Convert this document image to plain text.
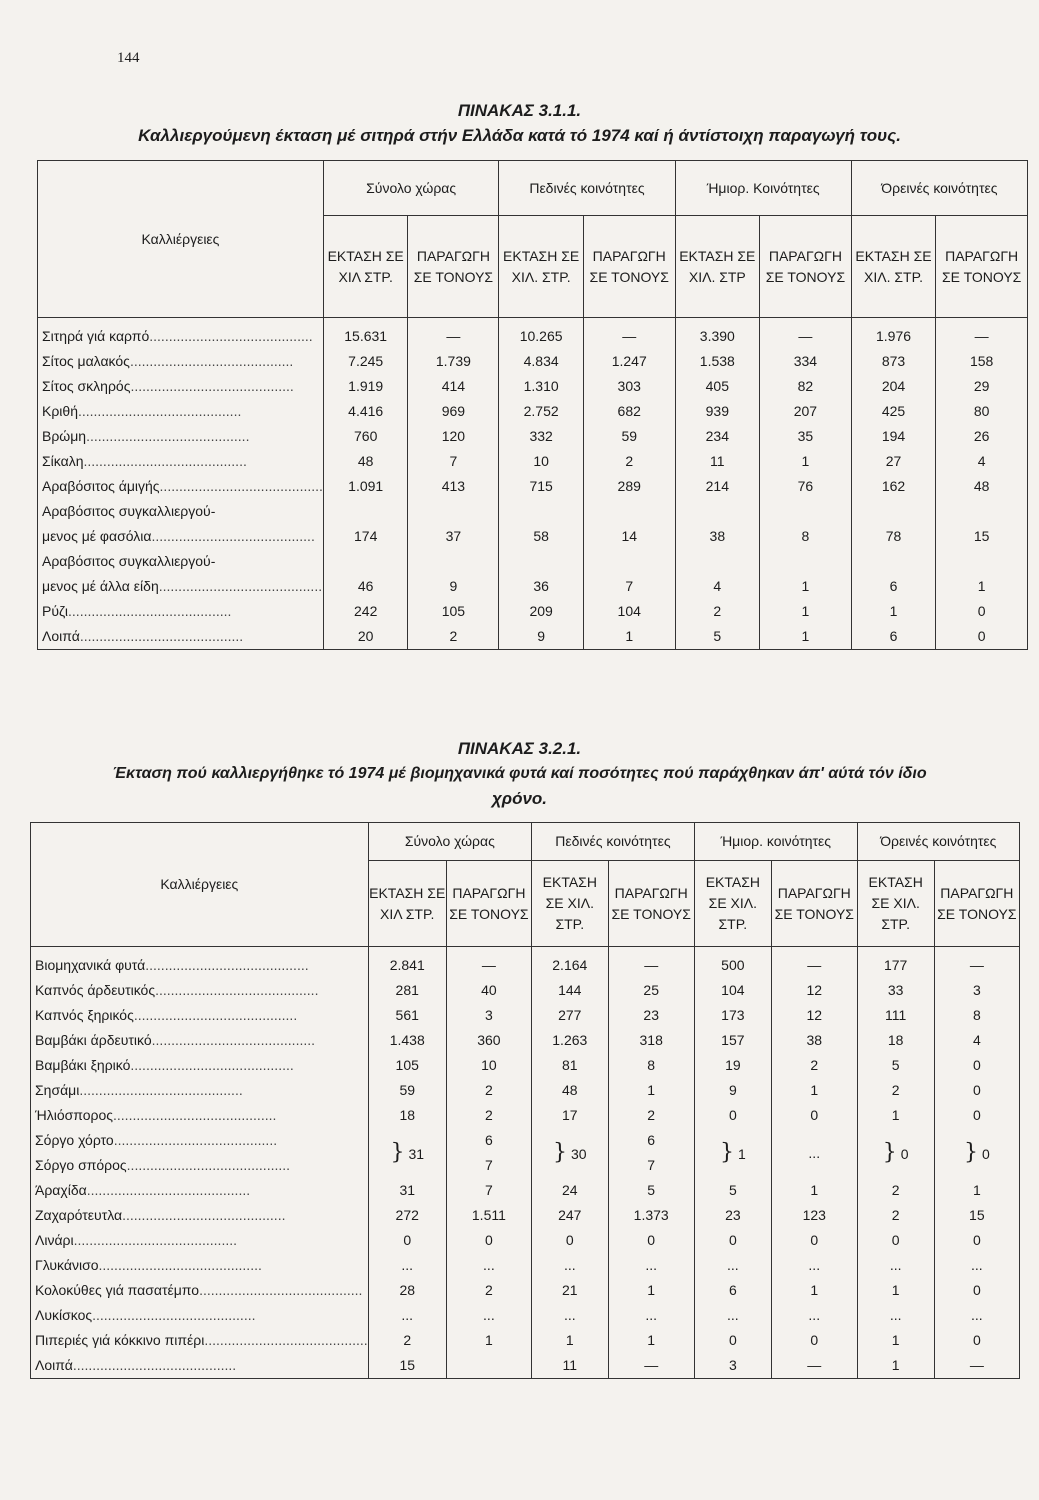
144
ΠΙΝΑΚΑΣ 3.1.1.
Καλλιεργούμενη έκταση μέ σιτηρά στήν Ελλάδα κατά τό 1974 καί ή άντίστοιχη παραγωγή τους.
Καλλιέργειες	Σύνολο χώρας		Πεδινές κοινότητες		Ήμιορ. Κοινότητες		Όρεινές κοινότητες	
	ΕΚΤΑΣΗ ΣΕ ΧΙΛ ΣΤΡ.	ΠΑΡΑΓΩΓΗ ΣΕ ΤΟΝΟΥΣ	ΕΚΤΑΣΗ ΣΕ ΧΙΛ. ΣΤΡ.	ΠΑΡΑΓΩΓΗ ΣΕ ΤΟΝΟΥΣ	ΕΚΤΑΣΗ ΣΕ ΧΙΛ. ΣΤΡ	ΠΑΡΑΓΩΓΗ ΣΕ ΤΟΝΟΥΣ	ΕΚΤΑΣΗ ΣΕ ΧΙΛ. ΣΤΡ.	ΠΑΡΑΓΩΓΗ ΣΕ ΤΟΝΟΥΣ
Σιτηρά γιά καρπό..........................................	15.631	—	10.265	—	3.390	—	1.976	—
Σίτος μαλακός..........................................	7.245	1.739	4.834	1.247	1.538	334	873	158
Σίτος σκληρός..........................................	1.919	414	1.310	303	405	82	204	29
Κριθή..........................................	4.416	969	2.752	682	939	207	425	80
Βρώμη..........................................	760	120	332	59	234	35	194	26
Σίκαλη..........................................	48	7	10	2	11	1	27	4
Αραβόσιτος άμιγής..........................................	1.091	413	715	289	214	76	162	48
Αραβόσιτος συγκαλλιεργού-								
μενος μέ φασόλια..........................................	174	37	58	14	38	8	78	15
Αραβόσιτος συγκαλλιεργού-								
μενος μέ άλλα είδη..........................................	46	9	36	7	4	1	6	1
Ρύζι..........................................	242	105	209	104	2	1	1	0
Λοιπά..........................................	20	2	9	1	5	1	6	0
ΠΙΝΑΚΑΣ 3.2.1.
Έκταση πού καλλιεργήθηκε τό 1974 μέ βιομηχανικά φυτά καί ποσότητες πού παράχθηκαν άπ' αύτά τόν ίδιο
χρόνο.
Καλλιέργειες	Σύνολο χώρας		Πεδινές κοινότητες		Ήμιορ. κοινότητες		Όρεινές κοινότητες	
	ΕΚΤΑΣΗ ΣΕ ΧΙΛ ΣΤΡ.	ΠΑΡΑΓΩΓΗ ΣΕ ΤΟΝΟΥΣ	ΕΚΤΑΣΗ ΣΕ ΧΙΛ. ΣΤΡ.	ΠΑΡΑΓΩΓΗ ΣΕ ΤΟΝΟΥΣ	ΕΚΤΑΣΗ ΣΕ ΧΙΛ. ΣΤΡ.	ΠΑΡΑΓΩΓΗ ΣΕ ΤΟΝΟΥΣ	ΕΚΤΑΣΗ ΣΕ ΧΙΛ. ΣΤΡ.	ΠΑΡΑΓΩΓΗ ΣΕ ΤΟΝΟΥΣ
Βιομηχανικά φυτά..........................................	2.841	—	2.164	—	500	—	177	—
Καπνός άρδευτικός..........................................	281	40	144	25	104	12	33	3
Καπνός ξηρικός..........................................	561	3	277	23	173	12	111	8
Βαμβάκι άρδευτικό..........................................	1.438	360	1.263	318	157	38	18	4
Βαμβάκι ξηρικό..........................................	105	10	81	8	19	2	5	0
Σησάμι..........................................	59	2	48	1	9	1	2	0
Ήλιόσπορος..........................................	18	2	17	2	0	0	1	0
Σόργο χόρτο..........................................	} 31	6	} 30	6	} 1	...	} 0	} 0
Σόργο σπόρος..........................................		7		7				
Άραχίδα..........................................	31	7	24	5	5	1	2	1
Ζαχαρότευτλα..........................................	272	1.511	247	1.373	23	123	2	15
Λινάρι..........................................	0	0	0	0	0	0	0	0
Γλυκάνισο..........................................	...	...	...	...	...	...	...	...
Κολοκύθες γιά πασατέμπο..........................................	28	2	21	1	6	1	1	0
Λυκίσκος..........................................	...	...	...	...	...	...	...	...
Πιπεριές γιά κόκκινο πιπέρι..........................................	2	1	1	1	0	0	1	0
Λοιπά..........................................	15		11	—	3	—	1	—
